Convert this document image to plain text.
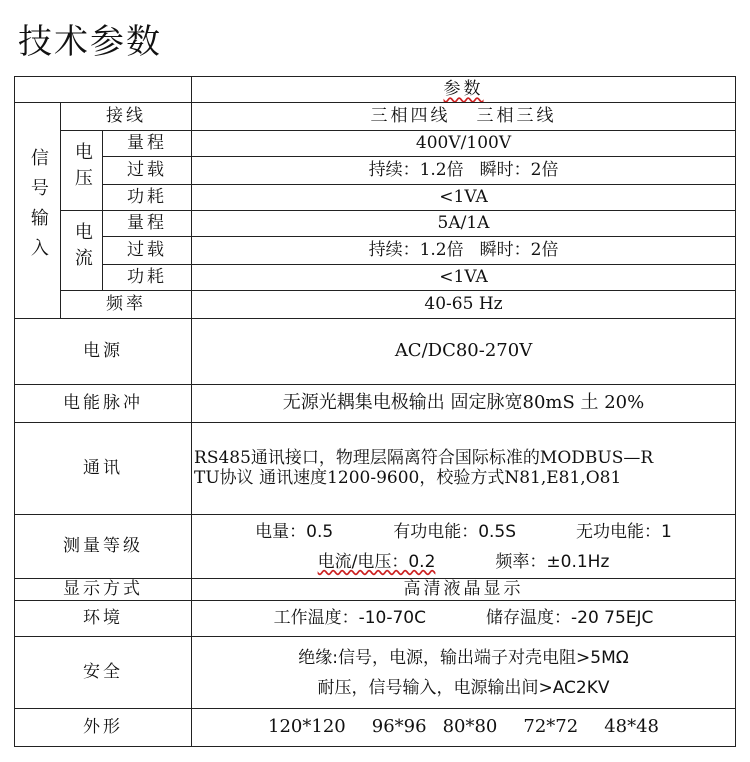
技术参数
			参数
信号输入	接线		三相四线 三相三线
	电压	量程	400V/100V
		过载	持续：1.2倍 瞬时：2倍
		功耗	<1VA
	电流	量程	5A/1A
		过载	持续：1.2倍 瞬时：2倍
		功耗	<1VA
	频率		40-65 Hz
电源			AC/DC80-270V
电能脉冲			无源光耦集电极输出 固定脉宽80mS 土 20%
通讯			RS485通讯接口，物理层隔离符合国际标准的MODBUS—R
TU协议 通讯速度1200-9600，校验方式N81,E81,O81

测量等级			电量：0.5 有功电能：0.5S 无功电能：1
电流/电压：0.2 频率：±0.1Hz

显示方式			高清液晶显示
环境			工作温度：-10-70C 储存温度：-20 75EJC
安全			绝缘:信号，电源，输出端子对壳电阻>5MΩ
耐压，信号输入，电源输出间>AC2KV

外形			120*120 96*96 80*80 72*72 48*48
